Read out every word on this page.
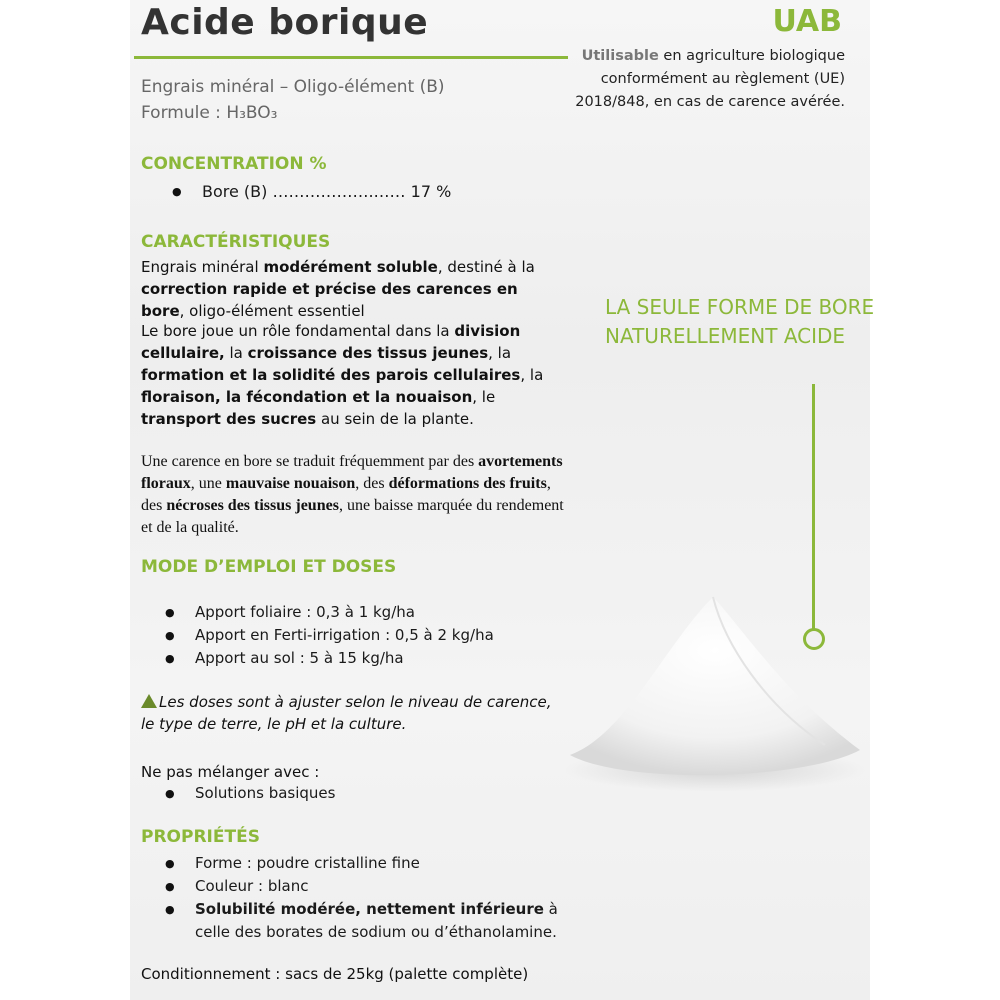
Acide borique	UAB
Utilisable en agriculture biologique
conformément au règlement (UE)
2018/848, en cas de carence avérée.
Engrais minéral – Oligo-élément (B)
Formule : H₃BO₃
CONCENTRATION %
● Bore (B) ……………….…… 17 %
CARACTÉRISTIQUES
Engrais minéral modérément soluble, destiné à la correction rapide et précise des carences en bore, oligo-élément essentiel
Le bore joue un rôle fondamental dans la division cellulaire, la croissance des tissus jeunes, la formation et la solidité des parois cellulaires, la floraison, la fécondation et la nouaison, le transport des sucres au sein de la plante.
Une carence en bore se traduit fréquemment par des avortements floraux, une mauvaise nouaison, des déformations des fruits, des nécroses des tissus jeunes, une baisse marquée du rendement et de la qualité.
MODE D’EMPLOI ET DOSES
● Apport foliaire : 0,3 à 1 kg/ha
● Apport en Ferti-irrigation : 0,5 à 2 kg/ha
● Apport au sol : 5 à 15 kg/ha
Les doses sont à ajuster selon le niveau de carence, le type de terre, le pH et la culture.
Ne pas mélanger avec :
● Solutions basiques
PROPRIÉTÉS
● Forme : poudre cristalline fine
● Couleur : blanc
● Solubilité modérée, nettement inférieure à celle des borates de sodium ou d’éthanolamine.
Conditionnement : sacs de 25kg (palette complète)
LA SEULE FORME DE BORE
NATURELLEMENT ACIDE
